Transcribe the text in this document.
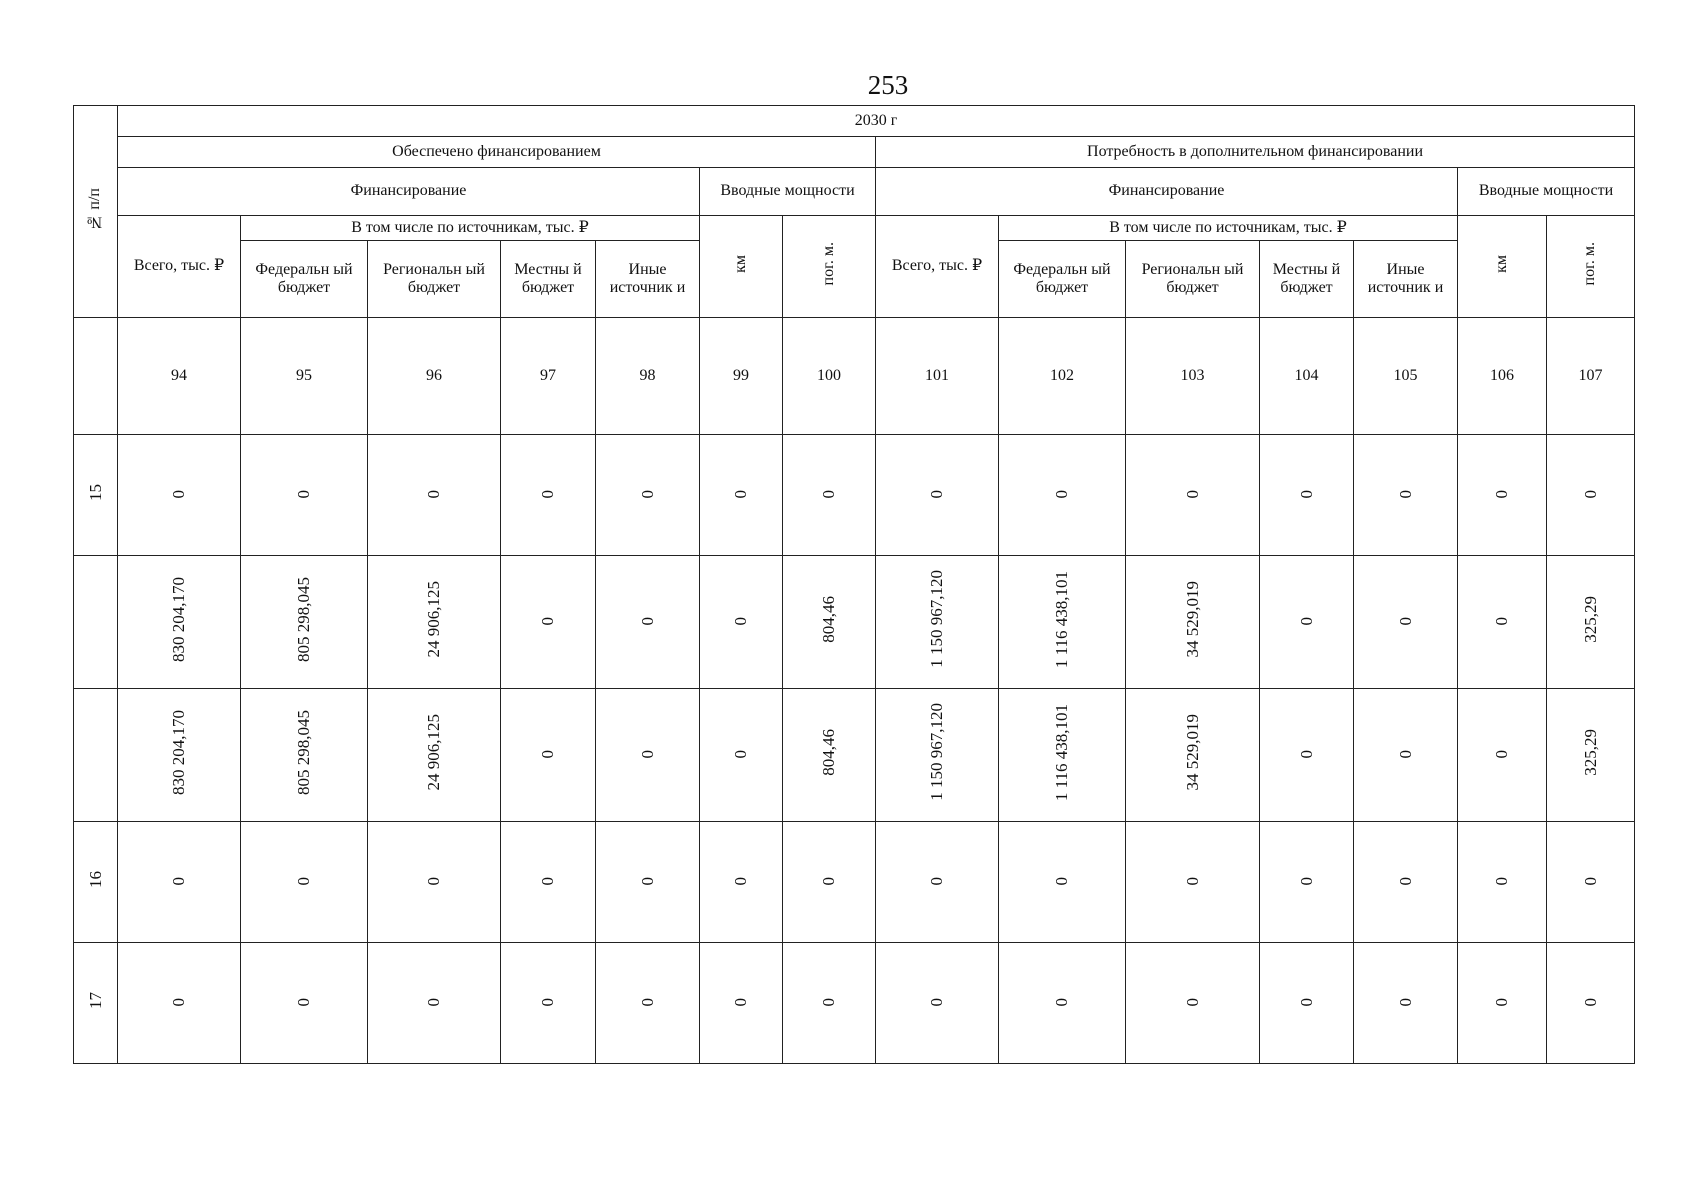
253
№ п/п	2030 г													
	Обеспечено финансированием							Потребность в дополнительном финансировании						
	Финансирование					Вводные мощности		Финансирование					Вводные мощности	
	Всего, тыс. ₽	В том числе по источникам, тыс. ₽				км	пог. м.	Всего, тыс. ₽	В том числе по источникам, тыс. ₽				км	пог. м.
		Федеральн ый бюджет	Региональн ый бюджет	Местны й бюджет	Иные источник и				Федеральн ый бюджет	Региональн ый бюджет	Местны й бюджет	Иные источник и		
	94	95	96	97	98	99	100	101	102	103	104	105	106	107
15	0	0	0	0	0	0	0	0	0	0	0	0	0	0
	830 204,170	805 298,045	24 906,125	0	0	0	804,46	1 150 967,120	1 116 438,101	34 529,019	0	0	0	325,29
	830 204,170	805 298,045	24 906,125	0	0	0	804,46	1 150 967,120	1 116 438,101	34 529,019	0	0	0	325,29
16	0	0	0	0	0	0	0	0	0	0	0	0	0	0
17	0	0	0	0	0	0	0	0	0	0	0	0	0	0
